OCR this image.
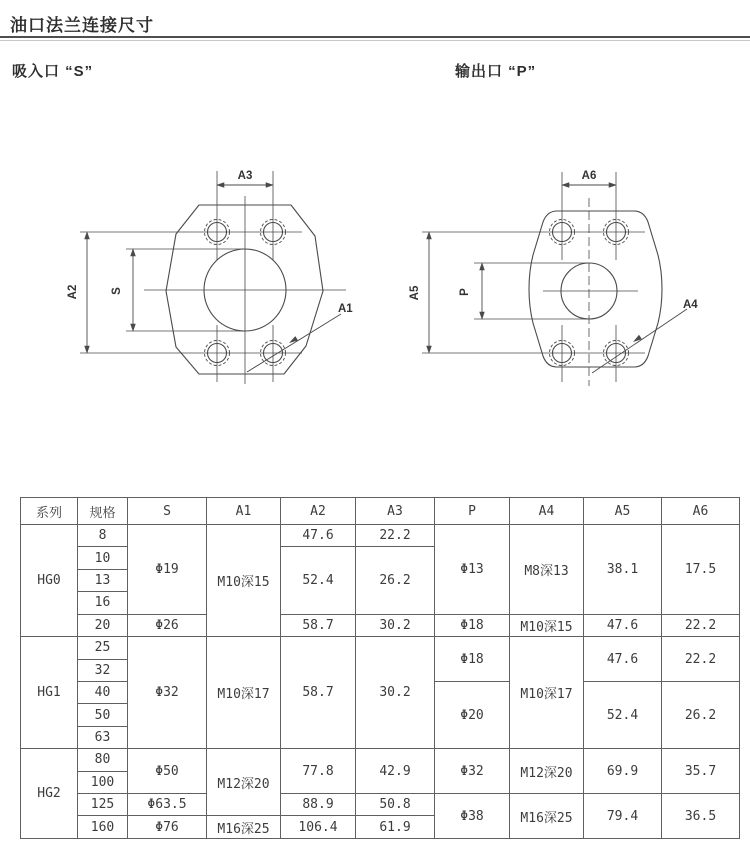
油口法兰连接尺寸
吸入口 “S”	输出口 “P”
A3
A2	S
A1
A6
A5	P
A4
系列	规格	S	A1	A2	A3	P	A4	A5	A6
HG0	8	Φ19	M10深15	47.6	22.2	Φ13	M8深13	38.1	17.5
	10			52.4	26.2				
	13								
	16								
	20	Φ26		58.7	30.2	Φ18	M10深15	47.6	22.2
HG1	25	Φ32	M10深17	58.7	30.2	Φ18	M10深17	47.6	22.2
	32								
	40					Φ20		52.4	26.2
	50								
	63								
HG2	80	Φ50	M12深20	77.8	42.9	Φ32	M12深20	69.9	35.7
	100								
	125	Φ63.5		88.9	50.8	Φ38	M16深25	79.4	36.5
	160	Φ76	M16深25	106.4	61.9				
